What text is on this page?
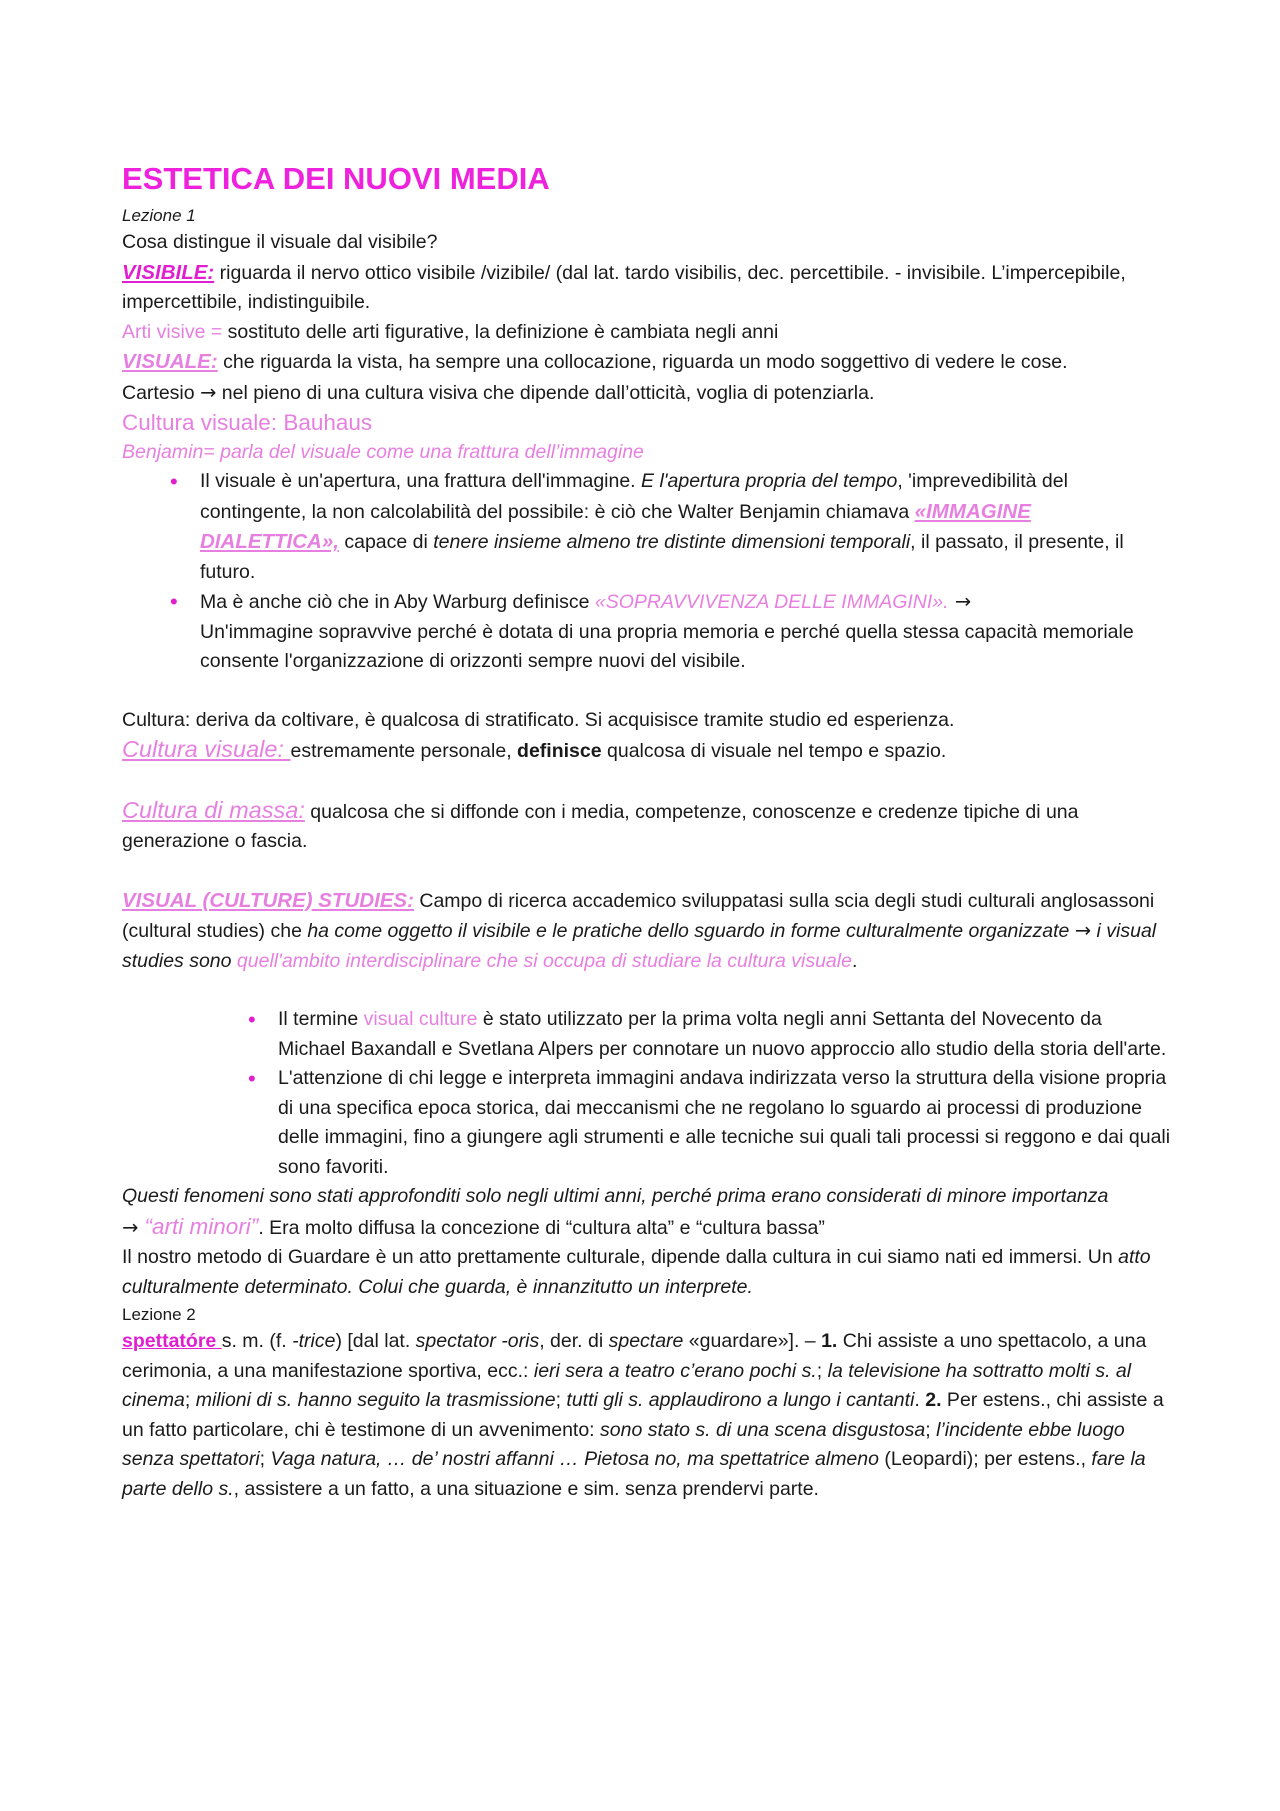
ESTETICA DEI NUOVI MEDIA

Lezione 1

Cosa distingue il visuale dal visibile?

VISIBILE: riguarda il nervo ottico visibile /vizibile/ (dal lat. tardo visibilis, dec. percettibile. - invisibile. L’impercepibile, impercettibile, indistinguibile.

Arti visive = sostituto delle arti figurative, la definizione è cambiata negli anni

VISUALE: che riguarda la vista, ha sempre una collocazione, riguarda un modo soggettivo di vedere le cose.

Cartesio → nel pieno di una cultura visiva che dipende dall’otticità, voglia di potenziarla.

Cultura visuale: Bauhaus

Benjamin= parla del visuale come una frattura dell’immagine

• Il visuale è un'apertura, una frattura dell'immagine. E l'apertura propria del tempo, 'imprevedibilità del contingente, la non calcolabilità del possibile: è ciò che Walter Benjamin chiamava «IMMAGINE DIALETTICA», capace di tenere insieme almeno tre distinte dimensioni temporali, il passato, il presente, il futuro.
• Ma è anche ciò che in Aby Warburg definisce «SOPRAVVIVENZA DELLE IMMAGINI». →
Un'immagine sopravvive perché è dotata di una propria memoria e perché quella stessa capacità memoriale consente l'organizzazione di orizzonti sempre nuovi del visibile.

Cultura: deriva da coltivare, è qualcosa di stratificato. Si acquisisce tramite studio ed esperienza.

Cultura visuale: estremamente personale, definisce qualcosa di visuale nel tempo e spazio.

Cultura di massa: qualcosa che si diffonde con i media, competenze, conoscenze e credenze tipiche di una generazione o fascia.

VISUAL (CULTURE) STUDIES: Campo di ricerca accademico sviluppatasi sulla scia degli studi culturali anglosassoni (cultural studies) che ha come oggetto il visibile e le pratiche dello sguardo in forme culturalmente organizzate → i visual studies sono quell'ambito interdisciplinare che si occupa di studiare la cultura visuale.

• Il termine visual culture è stato utilizzato per la prima volta negli anni Settanta del Novecento da Michael Baxandall e Svetlana Alpers per connotare un nuovo approccio allo studio della storia dell'arte.
• L'attenzione di chi legge e interpreta immagini andava indirizzata verso la struttura della visione propria di una specifica epoca storica, dai meccanismi che ne regolano lo sguardo ai processi di produzione delle immagini, fino a giungere agli strumenti e alle tecniche sui quali tali processi si reggono e dai quali sono favoriti.

Questi fenomeni sono stati approfonditi solo negli ultimi anni, perché prima erano considerati di minore importanza

→ “arti minori”. Era molto diffusa la concezione di “cultura alta” e “cultura bassa”

Il nostro metodo di Guardare è un atto prettamente culturale, dipende dalla cultura in cui siamo nati ed immersi. Un atto culturalmente determinato. Colui che guarda, è innanzitutto un interprete.

Lezione 2

spettatóre s. m. (f. -trice) [dal lat. spectator -oris, der. di spectare «guardare»]. – 1. Chi assiste a uno spettacolo, a una cerimonia, a una manifestazione sportiva, ecc.: ieri sera a teatro c’erano pochi s.; la televisione ha sottratto molti s. al cinema; milioni di s. hanno seguito la trasmissione; tutti gli s. applaudirono a lungo i cantanti. 2. Per estens., chi assiste a un fatto particolare, chi è testimone di un avvenimento: sono stato s. di una scena disgustosa; l’incidente ebbe luogo senza spettatori; Vaga natura, … de’ nostri affanni … Pietosa no, ma spettatrice almeno (Leopardi); per estens., fare la parte dello s., assistere a un fatto, a una situazione e sim. senza prendervi parte.
